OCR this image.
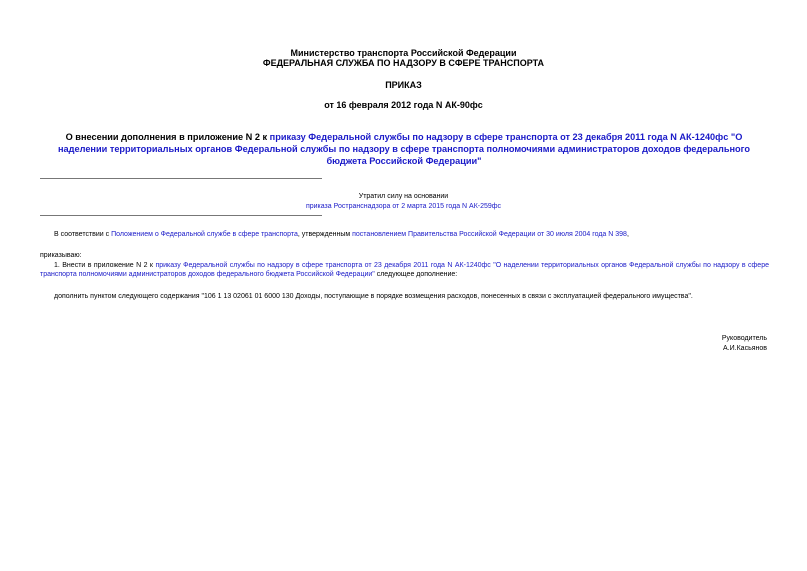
Министерство транспорта Российской Федерации
ФЕДЕРАЛЬНАЯ СЛУЖБА ПО НАДЗОРУ В СФЕРЕ ТРАНСПОРТА
ПРИКАЗ
от 16 февраля 2012 года N АК-90фс
О внесении дополнения в приложение N 2 к приказу Федеральной службы по надзору в сфере транспорта от 23 декабря 2011 года N АК-1240фс "О наделении территориальных органов Федеральной службы по надзору в сфере транспорта полномочиями администраторов доходов федерального бюджета Российской Федерации"
Утратил силу на основании
приказа Ространснадзора от 2 марта 2015 года N АК-259фс
В соответствии с Положением о Федеральной службе в сфере транспорта, утвержденным постановлением Правительства Российской Федерации от 30 июля 2004 года N 398,
приказываю:
1. Внести в приложение N 2 к приказу Федеральной службы по надзору в сфере транспорта от 23 декабря 2011 года N АК-1240фс "О наделении территориальных органов Федеральной службы по надзору в сфере транспорта полномочиями администраторов доходов федерального бюджета Российской Федерации" следующее дополнение:
дополнить пунктом следующего содержания "106 1 13 02061 01 6000 130 Доходы, поступающие в порядке возмещения расходов, понесенных в связи с эксплуатацией федерального имущества".
Руководитель
А.И.Касьянов
